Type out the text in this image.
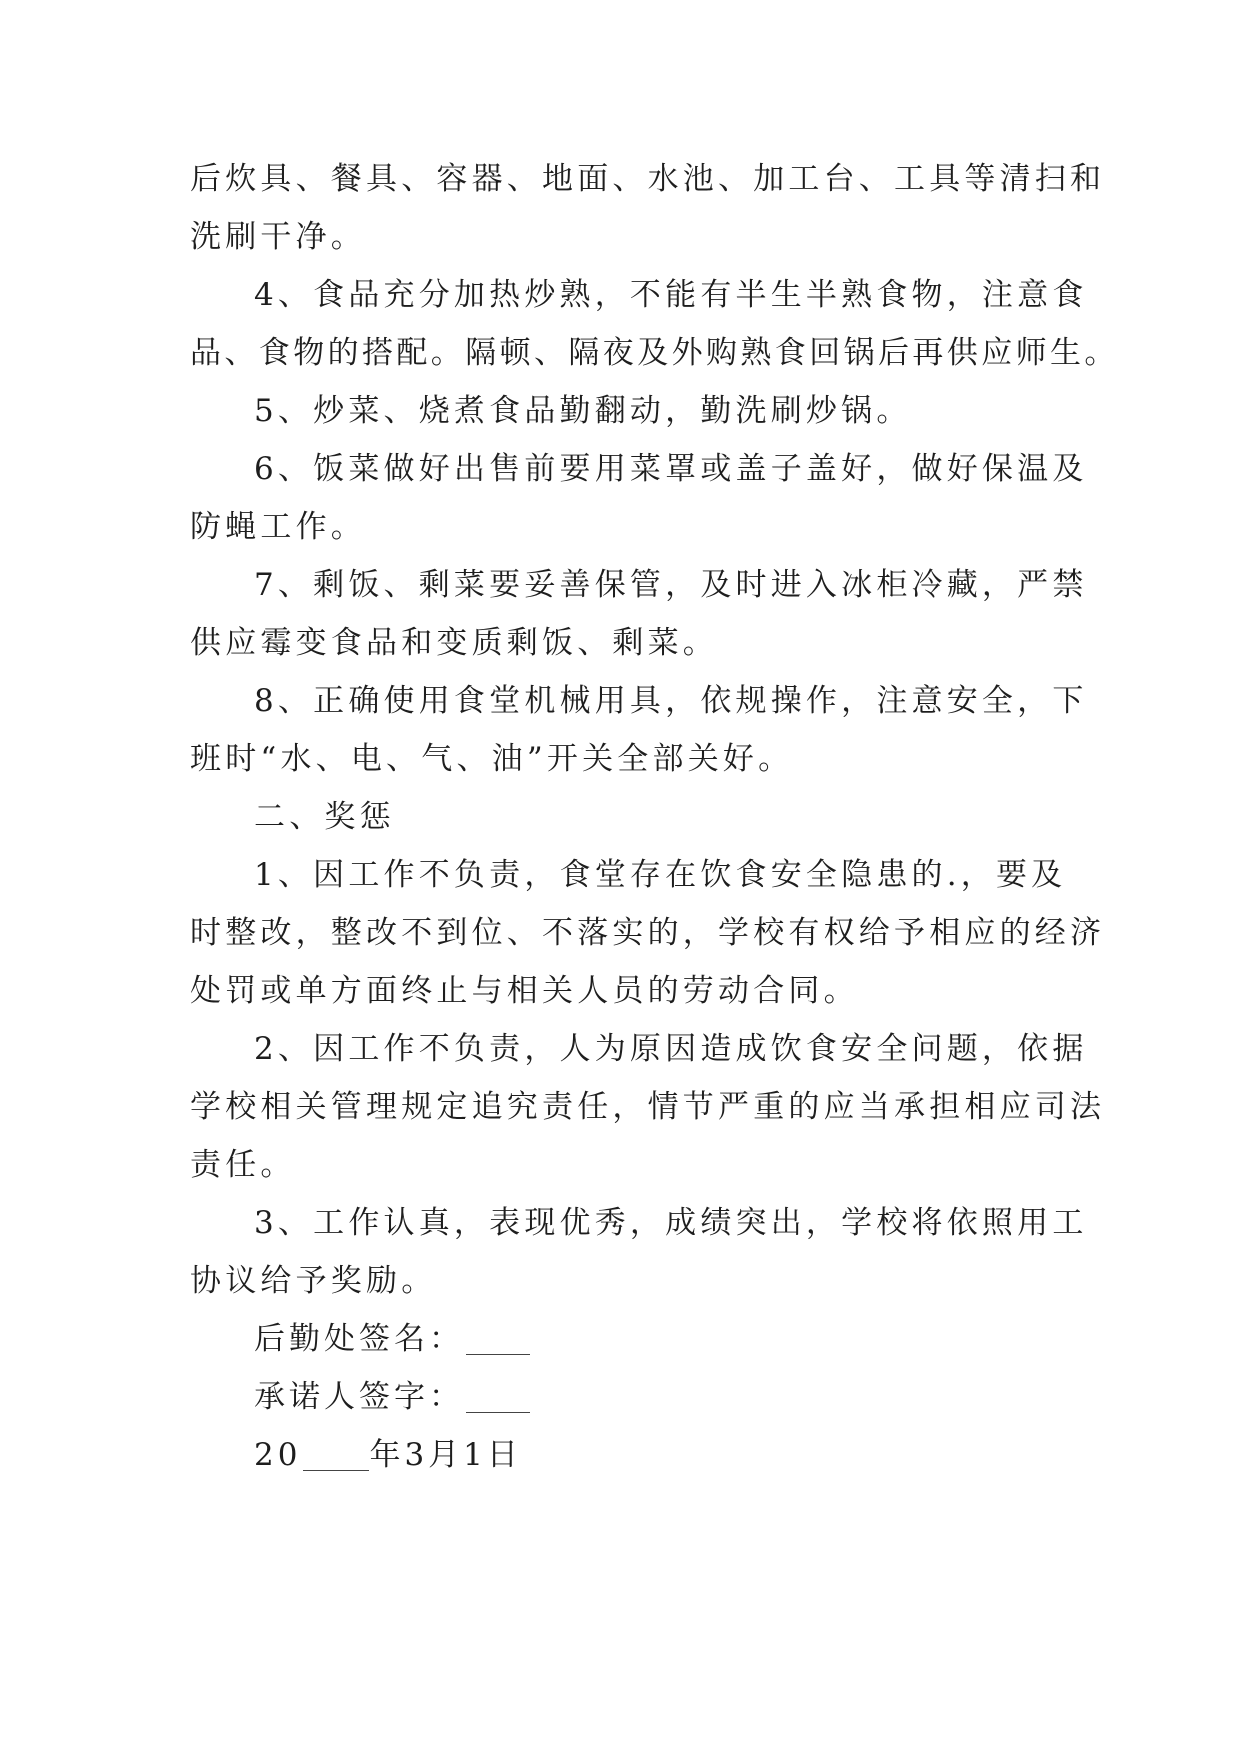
后炊具、餐具、容器、地面、水池、加工台、工具等清扫和
洗刷干净。
4、食品充分加热炒熟，不能有半生半熟食物，注意食
品、食物的搭配。隔顿、隔夜及外购熟食回锅后再供应师生。
5、炒菜、烧煮食品勤翻动，勤洗刷炒锅。
6、饭菜做好出售前要用菜罩或盖子盖好，做好保温及
防蝇工作。
7、剩饭、剩菜要妥善保管，及时进入冰柜冷藏，严禁
供应霉变食品和变质剩饭、剩菜。
8、正确使用食堂机械用具，依规操作，注意安全，下
班时“水、电、气、油”开关全部关好。
二、奖惩
1、因工作不负责，食堂存在饮食安全隐患的.，要及
时整改，整改不到位、不落实的，学校有权给予相应的经济
处罚或单方面终止与相关人员的劳动合同。
2、因工作不负责，人为原因造成饮食安全问题，依据
学校相关管理规定追究责任，情节严重的应当承担相应司法
责任。
3、工作认真，表现优秀，成绩突出，学校将依照用工
协议给予奖励。
后勤处签名：
承诺人签字：
20 年3月1日
